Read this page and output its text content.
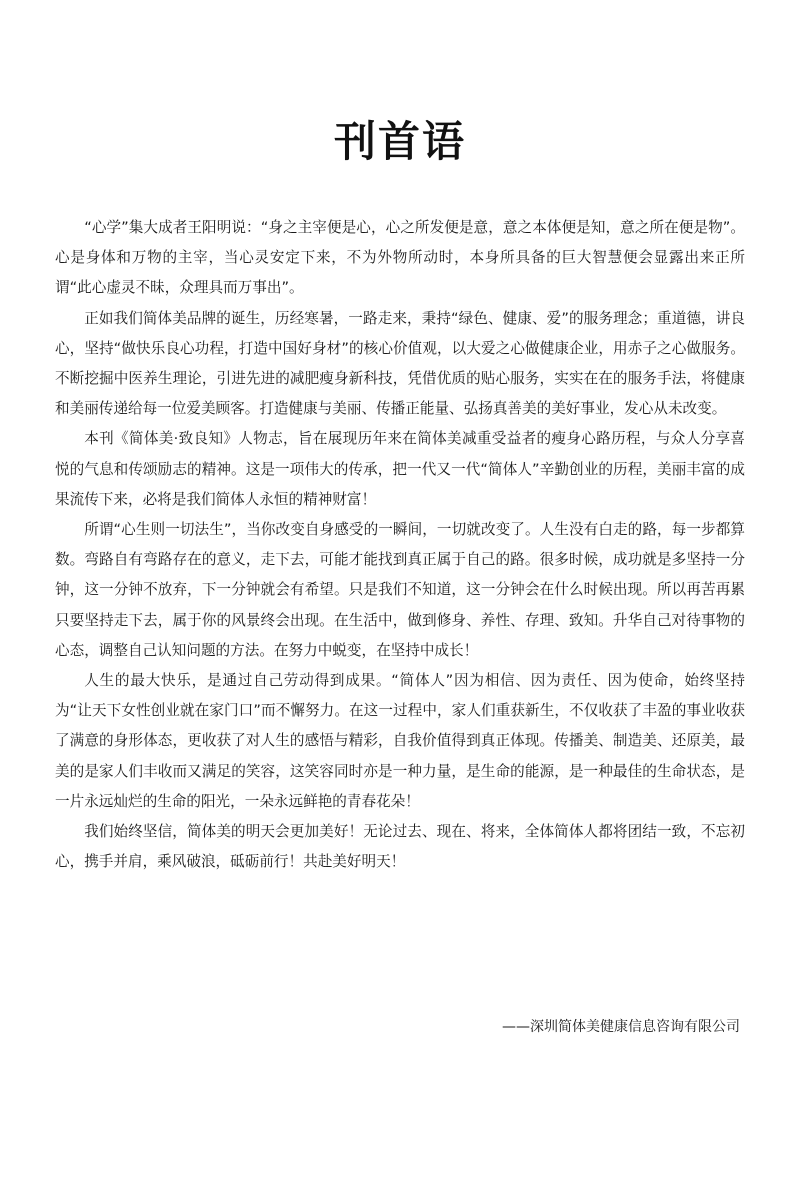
刊首语

“心学”集大成者王阳明说：“身之主宰便是心，心之所发便是意，意之本体便是知，意之所在便是物”。心是身体和万物的主宰，当心灵安定下来，不为外物所动时，本身所具备的巨大智慧便会显露出来正所谓“此心虚灵不昧，众理具而万事出”。

正如我们简体美品牌的诞生，历经寒暑，一路走来，秉持“绿色、健康、爱”的服务理念；重道德，讲良心，坚持“做快乐良心功程，打造中国好身材”的核心价值观，以大爱之心做健康企业，用赤子之心做服务。不断挖掘中医养生理论，引进先进的减肥瘦身新科技，凭借优质的贴心服务，实实在在的服务手法，将健康和美丽传递给每一位爱美顾客。打造健康与美丽、传播正能量、弘扬真善美的美好事业，发心从未改变。

本刊《简体美·致良知》人物志，旨在展现历年来在简体美减重受益者的瘦身心路历程，与众人分享喜悦的气息和传颂励志的精神。这是一项伟大的传承，把一代又一代“简体人”辛勤创业的历程，美丽丰富的成果流传下来，必将是我们简体人永恒的精神财富！

所谓“心生则一切法生”，当你改变自身感受的一瞬间，一切就改变了。人生没有白走的路，每一步都算数。弯路自有弯路存在的意义，走下去，可能才能找到真正属于自己的路。很多时候，成功就是多坚持一分钟，这一分钟不放弃，下一分钟就会有希望。只是我们不知道，这一分钟会在什么时候出现。所以再苦再累只要坚持走下去，属于你的风景终会出现。在生活中，做到修身、养性、存理、致知。升华自己对待事物的心态，调整自己认知问题的方法。在努力中蜕变，在坚持中成长！

人生的最大快乐，是通过自己劳动得到成果。“简体人”因为相信、因为责任、因为使命，始终坚持为“让天下女性创业就在家门口”而不懈努力。在这一过程中，家人们重获新生，不仅收获了丰盈的事业收获了满意的身形体态，更收获了对人生的感悟与精彩，自我价值得到真正体现。传播美、制造美、还原美，最美的是家人们丰收而又满足的笑容，这笑容同时亦是一种力量，是生命的能源，是一种最佳的生命状态，是一片永远灿烂的生命的阳光，一朵永远鲜艳的青春花朵！

我们始终坚信，简体美的明天会更加美好！无论过去、现在、将来，全体简体人都将团结一致，不忘初心，携手并肩，乘风破浪，砥砺前行！共赴美好明天！

——深圳简体美健康信息咨询有限公司
